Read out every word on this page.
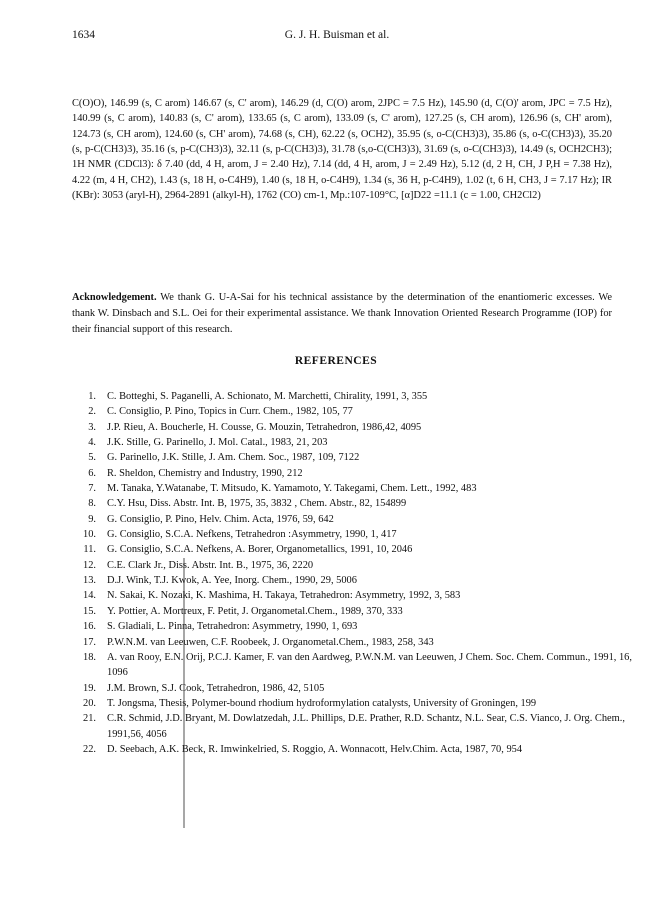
1634	G. J. H. Buisman et al.
C(O)O), 146.99 (s, C arom) 146.67 (s, C' arom), 146.29 (d, C(O) arom, 2JPC = 7.5 Hz), 145.90 (d, C(O)' arom, JPC = 7.5 Hz), 140.99 (s, C arom), 140.83 (s, C' arom), 133.65 (s, C arom), 133.09 (s, C' arom), 127.25 (s, CH arom), 126.96 (s, CH' arom), 124.73 (s, CH arom), 124.60 (s, CH' arom), 74.68 (s, CH), 62.22 (s, OCH2), 35.95 (s, o-C(CH3)3), 35.86 (s, o-C(CH3)3), 35.20 (s, p-C(CH3)3), 35.16 (s, p-C(CH3)3), 32.11 (s, p-C(CH3)3), 31.78 (s,o-C(CH3)3), 31.69 (s, o-C(CH3)3), 14.49 (s, OCH2CH3); 1H NMR (CDCl3): δ 7.40 (dd, 4 H, arom, J = 2.40 Hz), 7.14 (dd, 4 H, arom, J = 2.49 Hz), 5.12 (d, 2 H, CH, J P,H = 7.38 Hz), 4.22 (m, 4 H, CH2), 1.43 (s, 18 H, o-C4H9), 1.40 (s, 18 H, o-C4H9), 1.34 (s, 36 H, p-C4H9), 1.02 (t, 6 H, CH3, J = 7.17 Hz); IR (KBr): 3053 (aryl-H), 2964-2891 (alkyl-H), 1762 (CO) cm-1, Mp.:107-109°C, [α]D22 =11.1 (c = 1.00, CH2Cl2)
Acknowledgement. We thank G. U-A-Sai for his technical assistance by the determination of the enantiomeric excesses. We thank W. Dinsbach and S.L. Oei for their experimental assistance. We thank Innovation Oriented Research Programme (IOP) for their financial support of this research.
REFERENCES
1. C. Botteghi, S. Paganelli, A. Schionato, M. Marchetti, Chirality, 1991, 3, 355
2. C. Consiglio, P. Pino, Topics in Curr. Chem., 1982, 105, 77
3. J.P. Rieu, A. Boucherle, H. Cousse, G. Mouzin, Tetrahedron, 1986,42, 4095
4. J.K. Stille, G. Parinello, J. Mol. Catal., 1983, 21, 203
5. G. Parinello, J.K. Stille, J. Am. Chem. Soc., 1987, 109, 7122
6. R. Sheldon, Chemistry and Industry, 1990, 212
7. M. Tanaka, Y.Watanabe, T. Mitsudo, K. Yamamoto, Y. Takegami, Chem. Lett., 1992, 483
8. C.Y. Hsu, Diss. Abstr. Int. B, 1975, 35, 3832 , Chem. Abstr., 82, 154899
9. G. Consiglio, P. Pino, Helv. Chim. Acta, 1976, 59, 642
10. G. Consiglio, S.C.A. Nefkens, Tetrahedron :Asymmetry, 1990, 1, 417
11. G. Consiglio, S.C.A. Nefkens, A. Borer, Organometallics, 1991, 10, 2046
12. C.E. Clark Jr., Diss. Abstr. Int. B., 1975, 36, 2220
13. D.J. Wink, T.J. Kwok, A. Yee, Inorg. Chem., 1990, 29, 5006
14. N. Sakai, K. Nozaki, K. Mashima, H. Takaya, Tetrahedron: Asymmetry, 1992, 3, 583
15. Y. Pottier, A. Mortreux, F. Petit, J. Organometal.Chem., 1989, 370, 333
16. S. Gladiali, L. Pinna, Tetrahedron: Asymmetry, 1990, 1, 693
17. P.W.N.M. van Leeuwen, C.F. Roobeek, J. Organometal.Chem., 1983, 258, 343
18. A. van Rooy, E.N. Orij, P.C.J. Kamer, F. van den Aardweg, P.W.N.M. van Leeuwen, J Chem. Soc. Chem. Commun., 1991, 16, 1096
19. J.M. Brown, S.J. Cook, Tetrahedron, 1986, 42, 5105
20. T. Jongsma, Thesis, Polymer-bound rhodium hydroformylation catalysts, University of Groningen, 199
21. C.R. Schmid, J.D. Bryant, M. Dowlatzedah, J.L. Phillips, D.E. Prather, R.D. Schantz, N.L. Sear, C.S. Vianco, J. Org. Chem., 1991,56, 4056
22. D. Seebach, A.K. Beck, R. Imwinkelried, S. Roggio, A. Wonnacott, Helv.Chim. Acta, 1987, 70, 954
